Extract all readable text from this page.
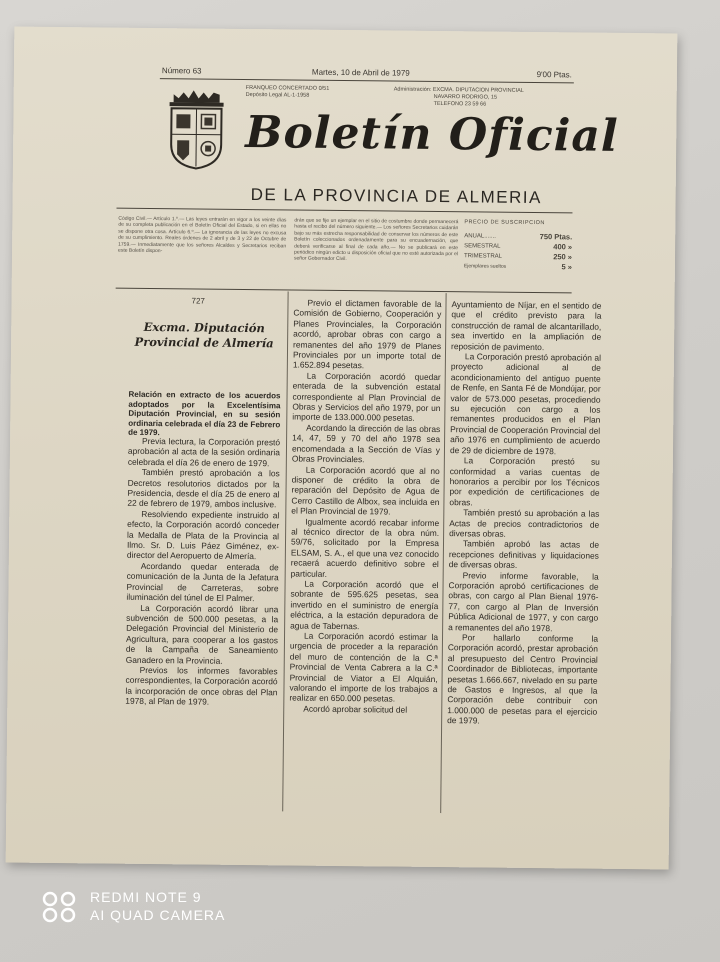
Número 63	Martes, 10 de Abril de 1979	9'00 Ptas.
FRANQUEO CONCERTADO 0/51
Depósito Legal AL-1-1958
Administración: EXCMA. DIPUTACION PROVINCIAL
NAVARRO RODRIGO, 15
TELEFONO 23 59 66
Boletín Oficial
DE LA PROVINCIA DE ALMERIA
Código Civil.— Artículo 1.º.— Las leyes entrarán en vigor a los veinte días de su completa publicación en el Boletín Oficial del Estado, si en ellas no se dispone otra cosa. Artículo 6.º.— La ignorancia de las leyes no excusa de su cumplimiento. Reales órdenes de 2 abril y de 3 y 22 de Octubre de 1759.— Inmediatamente que los señores Alcaldes y Secretarios reciban este Boletín dispon-
drán que se fije un ejemplar en el sitio de costumbre donde permanecerá hasta el recibo del número siguiente.— Los señores Secretarios cuidarán bajo su más estrecha responsabilidad de conservar los números de este Boletín coleccionados ordenadamente para su encuadernación, que deberá verificarse al final de cada año.— No se publicará en este periódico ningún edicto u disposición oficial que no esté autorizada por el señor Gobernador Civil.
PRECIO DE SUSCRIPCION
ANUAL.......	750 Ptas.
SEMESTRAL	400 »
TRIMESTRAL	250 »
Ejemplares sueltos	5 »
727
Excma. Diputación Provincial de Almería
Relación en extracto de los acuerdos adoptados por la Excelentísima Diputación Provincial, en su sesión ordinaria celebrada el día 23 de Febrero de 1979.

Previa lectura, la Corporación prestó aprobación al acta de la sesión ordinaria celebrada el día 26 de enero de 1979.

También prestó aprobación a los Decretos resolutorios dictados por la Presidencia, desde el día 25 de enero al 22 de febrero de 1979, ambos inclusive.

Resolviendo expediente instruido al efecto, la Corporación acordó conceder la Medalla de Plata de la Provincia al Ilmo. Sr. D. Luis Páez Giménez, ex-director del Aeropuerto de Almería.

Acordando quedar enterada de comunicación de la Junta de la Jefatura Provincial de Carreteras, sobre iluminación del túnel de El Palmer.

La Corporación acordó librar una subvención de 500.000 pesetas, a la Delegación Provincial del Ministerio de Agricultura, para cooperar a los gastos de la Campaña de Saneamiento Ganadero en la Provincia.

Previos los informes favorables correspondientes, la Corporación acordó la incorporación de once obras del Plan 1978, al Plan de 1979.

Previo el dictamen favorable de la Comisión de Gobierno, Cooperación y Planes Provinciales, la Corporación acordó, aprobar obras con cargo a remanentes del año 1979 de Planes Provinciales por un importe total de 1.652.894 pesetas.

La Corporación acordó quedar enterada de la subvención estatal correspondiente al Plan Provincial de Obras y Servicios del año 1979, por un importe de 133.000.000 pesetas.

Acordando la dirección de las obras 14, 47, 59 y 70 del año 1978 sea encomendada a la Sección de Vías y Obras Provinciales.

La Corporación acordó que al no disponer de crédito la obra de reparación del Depósito de Agua de Cerro Castillo de Albox, sea incluida en el Plan Provincial de 1979.

Igualmente acordó recabar informe al técnico director de la obra núm. 59/76, solicitado por la Empresa ELSAM, S. A., el que una vez conocido recaerá acuerdo definitivo sobre el particular.

La Corporación acordó que el sobrante de 595.625 pesetas, sea invertido en el suministro de energía eléctrica, a la estación depuradora de agua de Tabernas.

La Corporación acordó estimar la urgencia de proceder a la reparación del muro de contención de la C.ª Provincial de Venta Cabrera a la C.ª Provincial de Viator a El Alquián, valorando el importe de los trabajos a realizar en 650.000 pesetas.

Acordó aprobar solicitud del

Ayuntamiento de Níjar, en el sentido de que el crédito previsto para la construcción de ramal de alcantarillado, sea invertido en la ampliación de reposición de pavimento.

La Corporación prestó aprobación al proyecto adicional al de acondicionamiento del antiguo puente de Renfe, en Santa Fé de Mondújar, por valor de 573.000 pesetas, procediendo su ejecución con cargo a los remanentes producidos en el Plan Provincial de Cooperación Provincial del año 1976 en cumplimiento de acuerdo de 29 de diciembre de 1978.

La Corporación prestó su conformidad a varias cuentas de honorarios a percibir por los Técnicos por expedición de certificaciones de obras.

También prestó su aprobación a las Actas de precios contradictorios de diversas obras.

También aprobó las actas de recepciones definitivas y liquidaciones de diversas obras.

Previo informe favorable, la Corporación aprobó certificaciones de obras, con cargo al Plan Bienal 1976-77, con cargo al Plan de Inversión Pública Adicional de 1977, y con cargo a remanentes del año 1978.

Por hallarlo conforme la Corporación acordó, prestar aprobación al presupuesto del Centro Provincial Coordinador de Bibliotecas, importante pesetas 1.666.667, nivelado en su parte de Gastos e Ingresos, al que la Corporación debe contribuir con 1.000.000 de pesetas para el ejercicio de 1979.

REDMI NOTE 9
AI QUAD CAMERA
